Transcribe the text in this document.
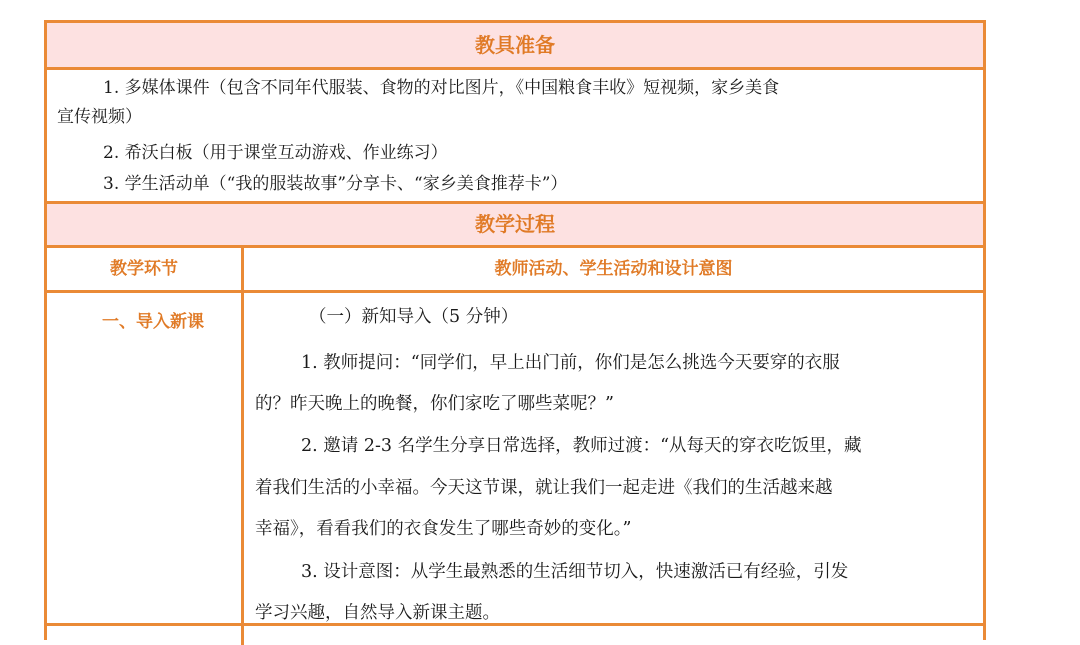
教具准备
1. 多媒体课件（包含不同年代服装、食物的对比图片，《中国粮食丰收》短视频，家乡美食
宣传视频）
2. 希沃白板（用于课堂互动游戏、作业练习）
3. 学生活动单（“我的服装故事”分享卡、“家乡美食推荐卡”）
教学过程
教学环节	教师活动、学生活动和设计意图
一、导入新课	（一）新知导入（5 分钟）
1. 教师提问：“同学们，早上出门前，你们是怎么挑选今天要穿的衣服
的？昨天晚上的晚餐，你们家吃了哪些菜呢？”
2. 邀请 2-3 名学生分享日常选择，教师过渡：“从每天的穿衣吃饭里，藏
着我们生活的小幸福。今天这节课，就让我们一起走进《我们的生活越来越
幸福》，看看我们的衣食发生了哪些奇妙的变化。”
3. 设计意图：从学生最熟悉的生活细节切入，快速激活已有经验，引发
学习兴趣，自然导入新课主题。
